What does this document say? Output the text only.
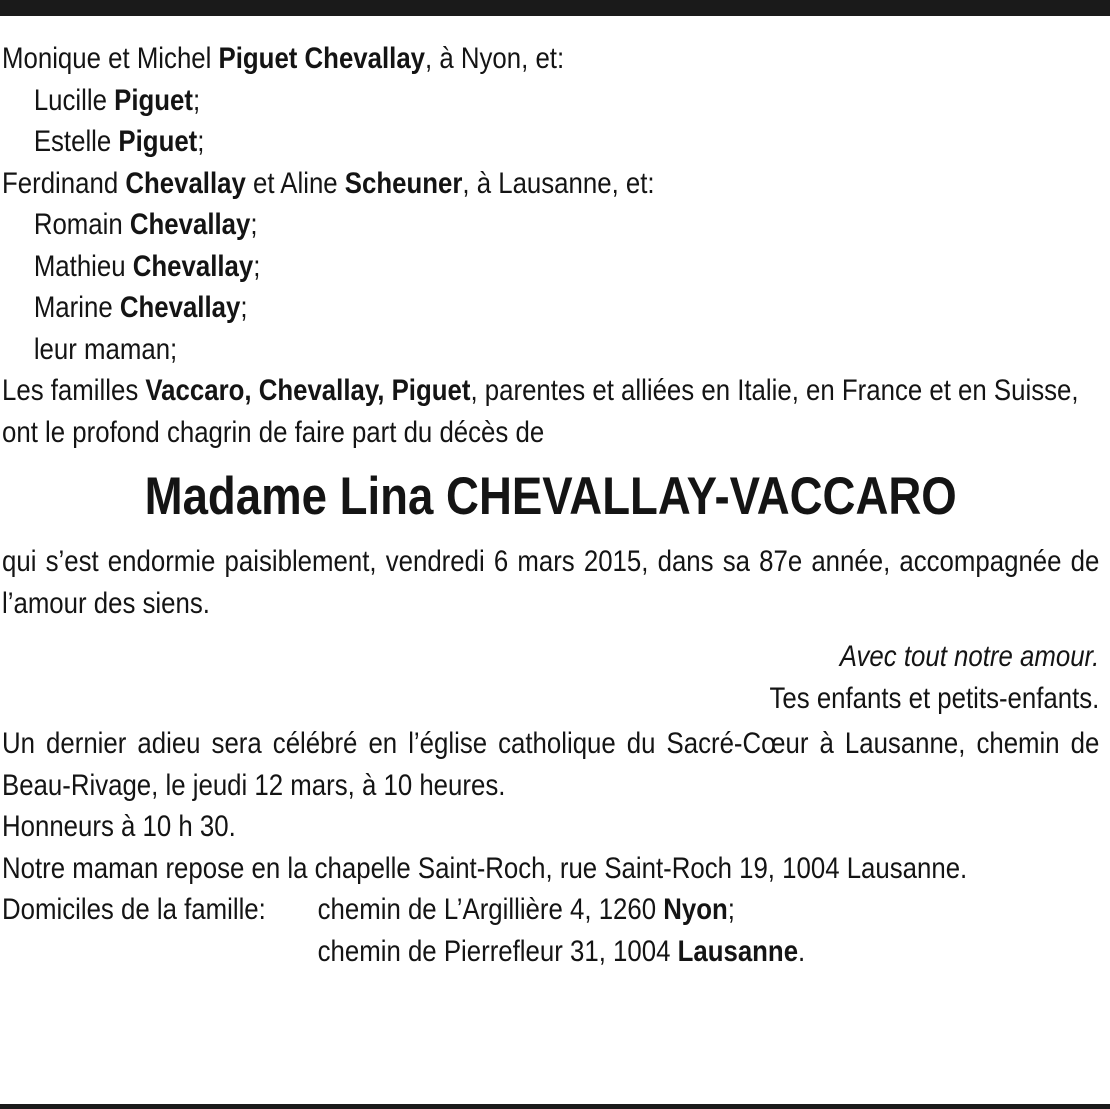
Monique et Michel Piguet Chevallay, à Nyon, et:
Lucille Piguet;
Estelle Piguet;
Ferdinand Chevallay et Aline Scheuner, à Lausanne, et:
Romain Chevallay;
Mathieu Chevallay;
Marine Chevallay;
leur maman;
Les familles Vaccaro, Chevallay, Piguet, parentes et alliées en Italie, en France et en Suisse,
ont le profond chagrin de faire part du décès de
Madame Lina CHEVALLAY-VACCARO
qui s’est endormie paisiblement, vendredi 6 mars 2015, dans sa 87e année, accompagnée de l’amour des siens.
Avec tout notre amour.
Tes enfants et petits-enfants.
Un dernier adieu sera célébré en l’église catholique du Sacré-Cœur à Lausanne, chemin de Beau-Rivage, le jeudi 12 mars, à 10 heures.
Honneurs à 10 h 30.
Notre maman repose en la chapelle Saint-Roch, rue Saint-Roch 19, 1004 Lausanne.
Domiciles de la famille:	chemin de L’Argillière 4, 1260 Nyon;
chemin de Pierrefleur 31, 1004 Lausanne.
